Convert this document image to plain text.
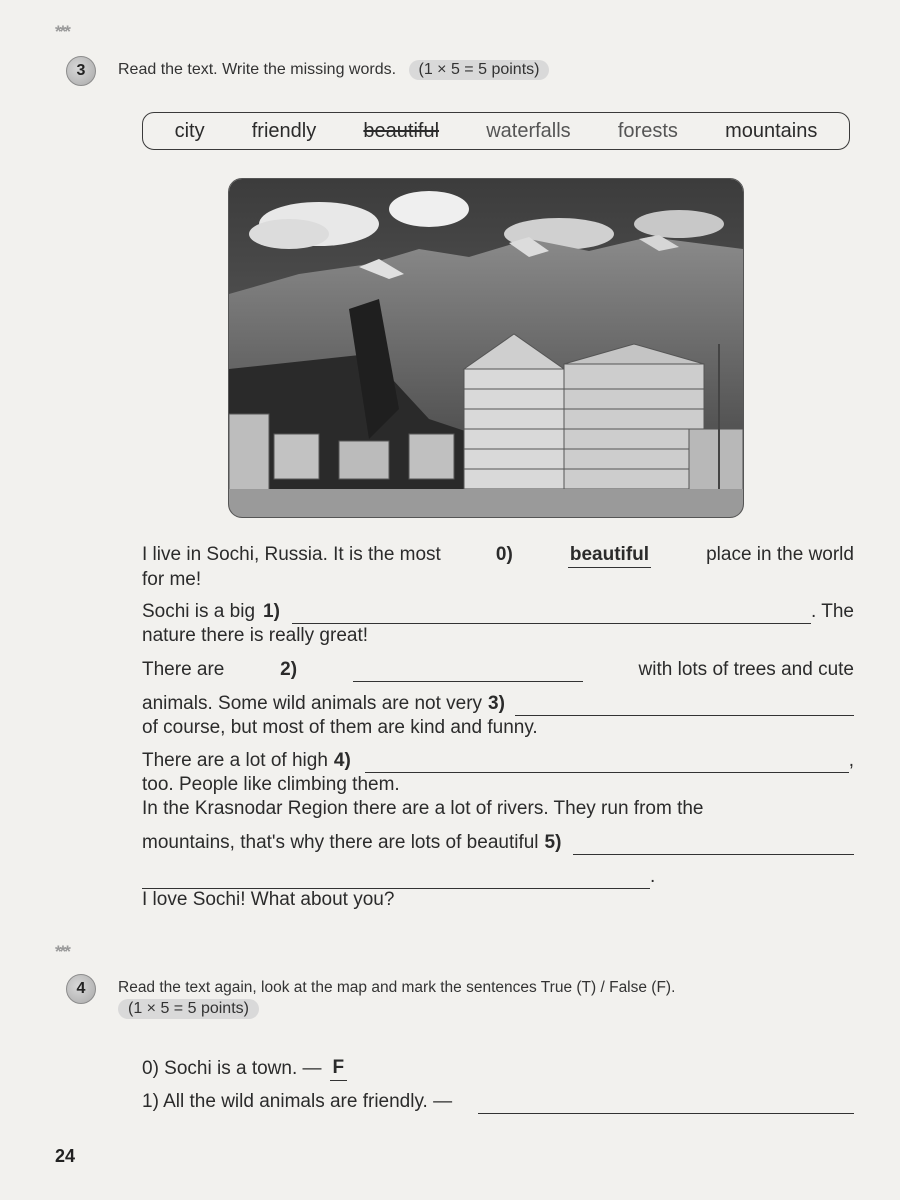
***
3	Read the text. Write the missing words. (1 × 5 = 5 points)
city friendly beautiful waterfalls forests mountains
I live in Sochi, Russia. It is the most	0)	beautiful	place in the world
for me!
Sochi is a big 1)	. The
nature there is really great!
There are	2)	with lots of trees and cute
animals. Some wild animals are not very 3)
of course, but most of them are kind and funny.
There are a lot of high 4)	,
too. People like climbing them.
In the Krasnodar Region there are a lot of rivers. They run from the
mountains, that's why there are lots of beautiful 5)
.
I love Sochi! What about you?
***
4	Read the text again, look at the map and mark the sentences True (T) / False (F).
(1 × 5 = 5 points)
0) Sochi is a town. — F
1) All the wild animals are friendly. —
24
